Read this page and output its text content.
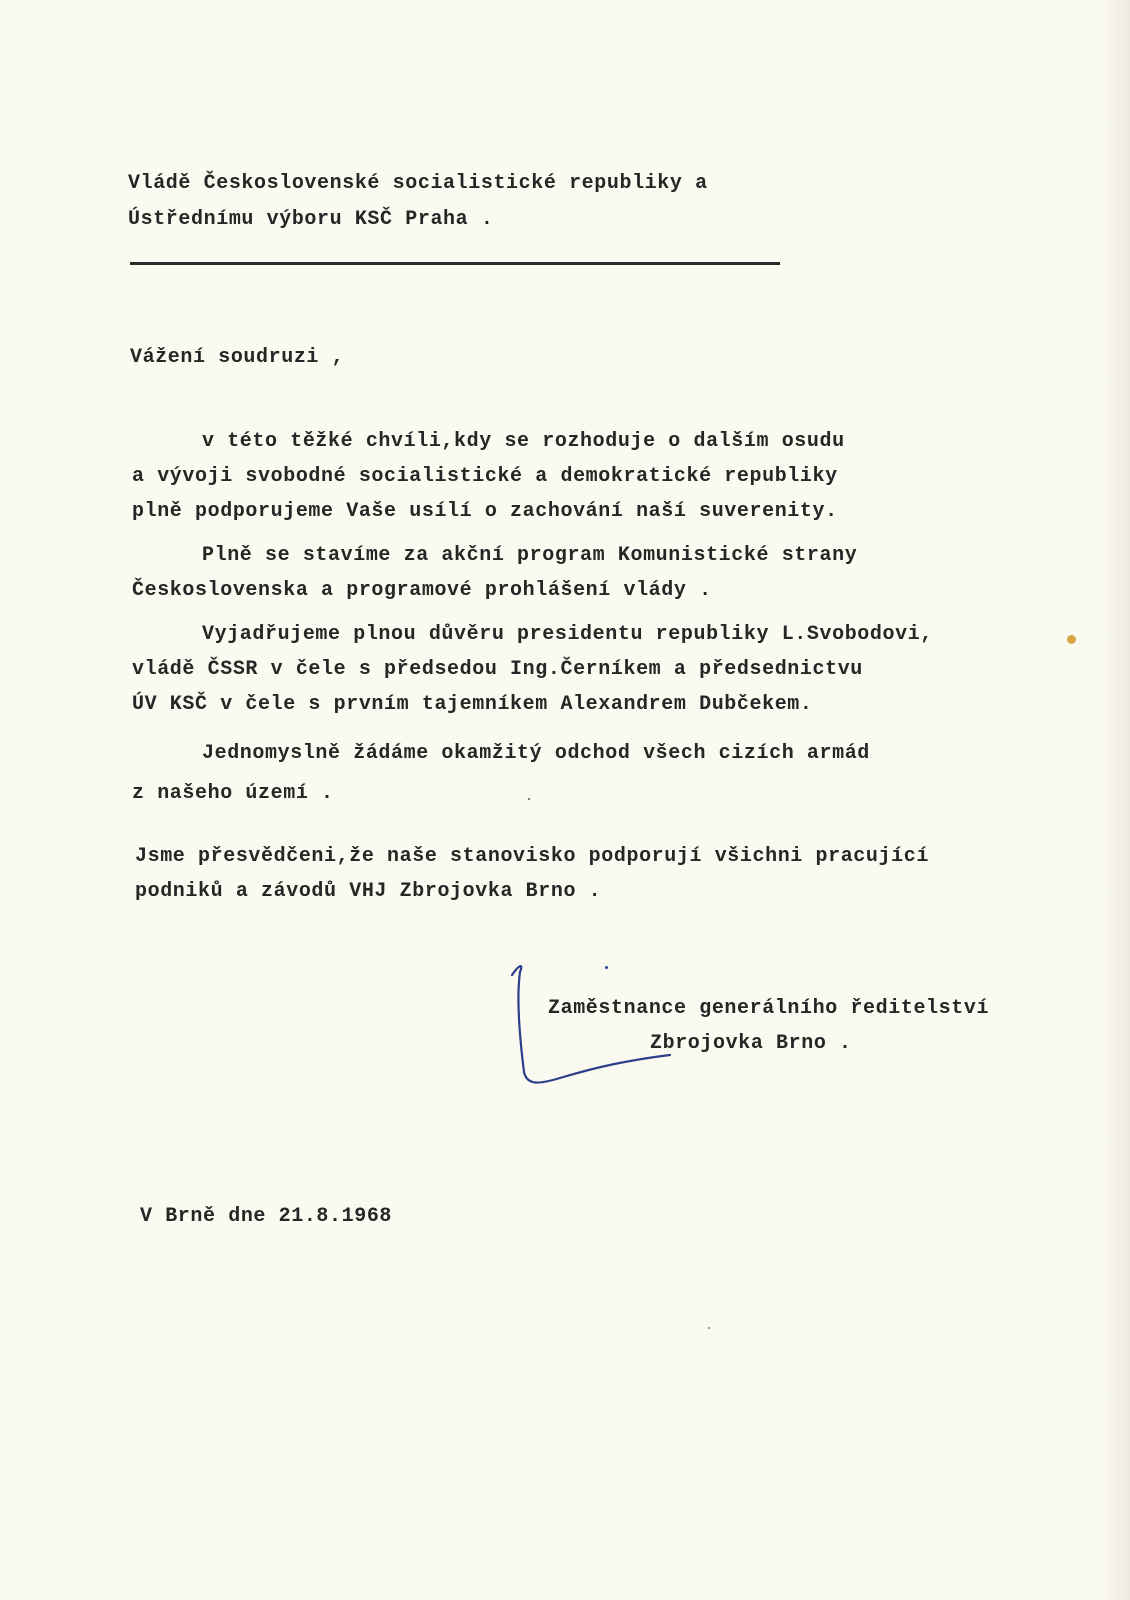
Vládě Československé socialistické republiky a
Ústřednímu výboru KSČ Praha .
Vážení soudruzi ,
v této těžké chvíli,kdy se rozhoduje o dalším osudu
a vývoji svobodné socialistické a demokratické republiky
plně podporujeme Vaše usílí o zachování naší suverenity.
Plně se stavíme za akční program Komunistické strany
Československa a programové prohlášení vlády .
Vyjadřujeme plnou důvěru presidentu republiky L.Svobodovi,
vládě ČSSR v čele s předsedou Ing.Černíkem a předsednictvu
ÚV KSČ v čele s prvním tajemníkem Alexandrem Dubčekem.
Jednomyslně žádáme okamžitý odchod všech cizích armád
z našeho území .
Jsme přesvědčeni,že naše stanovisko podporují všichni pracující
podniků a závodů VHJ Zbrojovka Brno .
Zaměstnance generálního ředitelství
Zbrojovka Brno .
V Brně dne 21.8.1968
